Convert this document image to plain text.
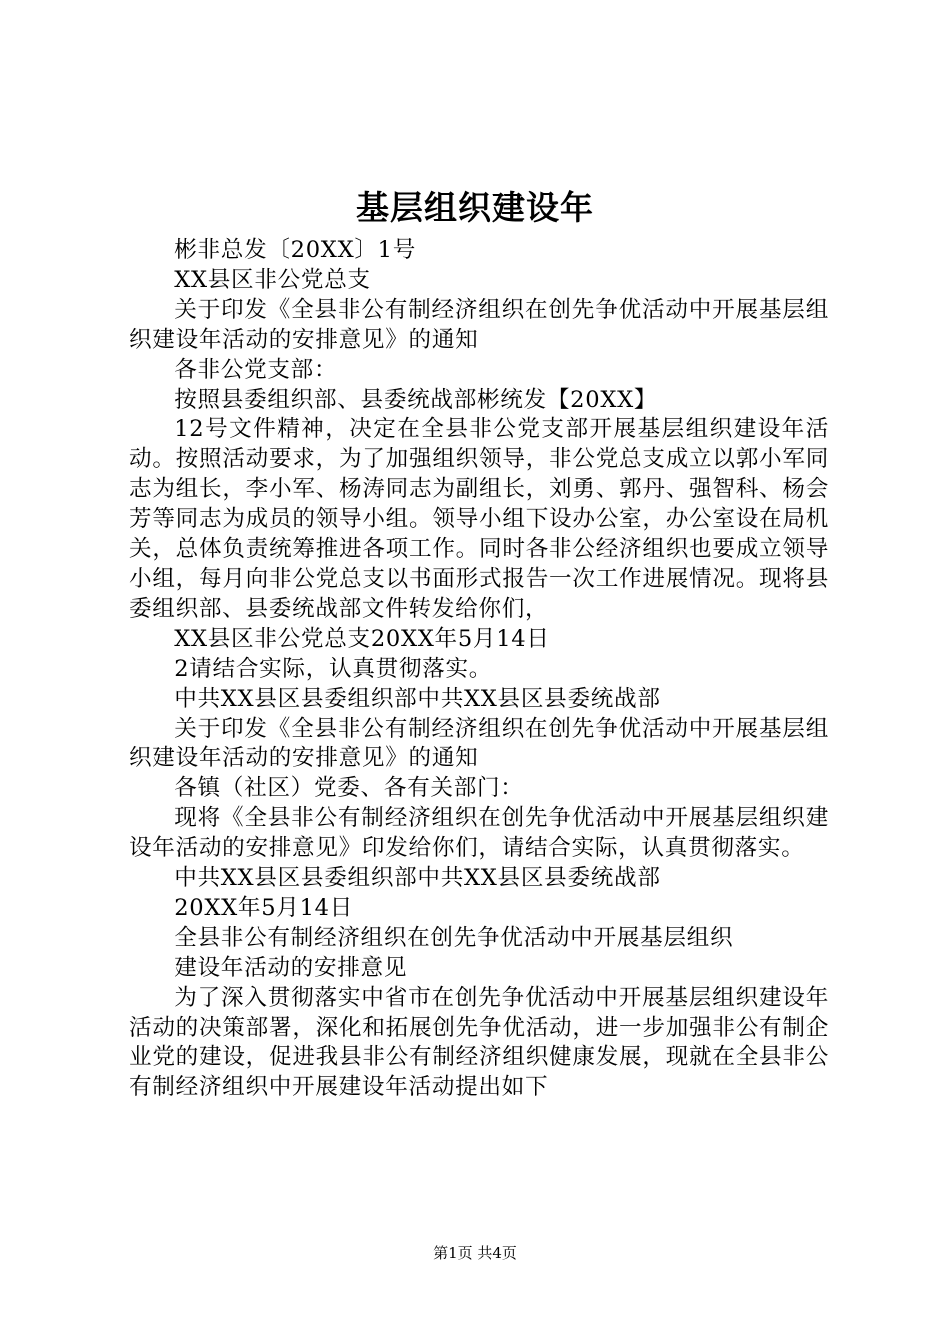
基层组织建设年

彬非总发〔20XX〕1号

XX县区非公党总支

关于印发《全县非公有制经济组织在创先争优活动中开展基层组织建设年活动的安排意见》的通知

各非公党支部：

按照县委组织部、县委统战部彬统发【20XX】

12号文件精神，决定在全县非公党支部开展基层组织建设年活动。按照活动要求，为了加强组织领导，非公党总支成立以郭小军同志为组长，李小军、杨涛同志为副组长，刘勇、郭丹、强智科、杨会芳等同志为成员的领导小组。领导小组下设办公室，办公室设在局机关，总体负责统筹推进各项工作。同时各非公经济组织也要成立领导小组，每月向非公党总支以书面形式报告一次工作进展情况。现将县委组织部、县委统战部文件转发给你们，

XX县区非公党总支20XX年5月14日

2请结合实际，认真贯彻落实。

中共XX县区县委组织部中共XX县区县委统战部

关于印发《全县非公有制经济组织在创先争优活动中开展基层组织建设年活动的安排意见》的通知

各镇（社区）党委、各有关部门：

现将《全县非公有制经济组织在创先争优活动中开展基层组织建设年活动的安排意见》印发给你们，请结合实际，认真贯彻落实。

中共XX县区县委组织部中共XX县区县委统战部

20XX年5月14日

全县非公有制经济组织在创先争优活动中开展基层组织

建设年活动的安排意见

为了深入贯彻落实中省市在创先争优活动中开展基层组织建设年活动的决策部署，深化和拓展创先争优活动，进一步加强非公有制企业党的建设，促进我县非公有制经济组织健康发展，现就在全县非公有制经济组织中开展建设年活动提出如下

第1页 共4页
